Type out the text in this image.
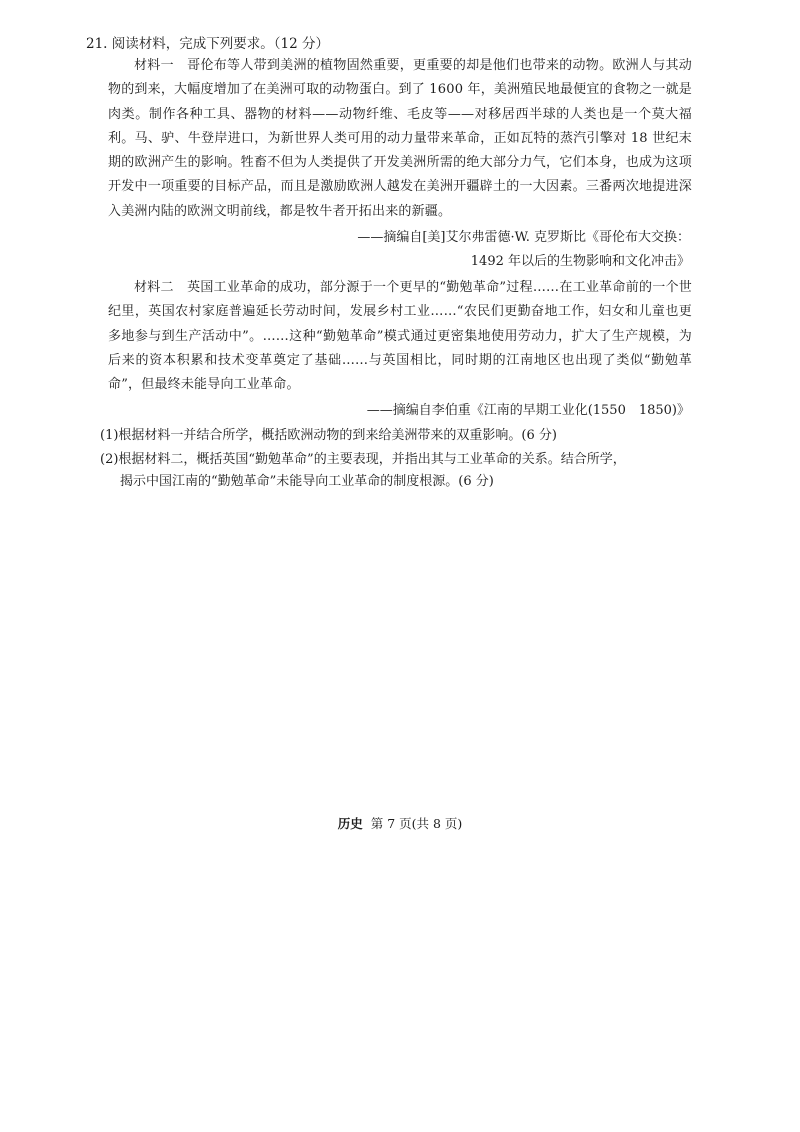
21. 阅读材料，完成下列要求。（12 分）
材料一　 哥伦布等人带到美洲的植物固然重要，更重要的却是他们也带来的动物。欧洲人与其动物的到来，大幅度增加了在美洲可取的动物蛋白。到了 1600 年，美洲殖民地最便宜的食物之一就是肉类。制作各种工具、器物的材料——动物纤维、毛皮等——对移居西半球的人类也是一个莫大福利。马、驴、牛登岸进口，为新世界人类可用的动力量带来革命，正如瓦特的蒸汽引擎对 18 世纪末期的欧洲产生的影响。牲畜不但为人类提供了开发美洲所需的绝大部分力气，它们本身，也成为这项开发中一项重要的目标产品，而且是激励欧洲人越发在美洲开疆辟土的一大因素。三番两次地提进深入美洲内陆的欧洲文明前线，都是牧牛者开拓出来的新疆。
——摘编自[美]艾尔弗雷德·W. 克罗斯比《哥伦布大交换：
1492 年以后的生物影响和文化冲击》
材料二　 英国工业革命的成功，部分源于一个更早的“勤勉革命”过程……在工业革命前的一个世纪里，英国农村家庭普遍延长劳动时间，发展乡村工业……“农民们更勤奋地工作，妇女和儿童也更多地参与到生产活动中”。……这种“勤勉革命”模式通过更密集地使用劳动力，扩大了生产规模，为后来的资本积累和技术变革奠定了基础……与英国相比，同时期的江南地区也出现了类似“勤勉革命”，但最终未能导向工业革命。
——摘编自李伯重《江南的早期工业化(1550　1850)》
(1)根据材料一并结合所学，概括欧洲动物的到来给美洲带来的双重影响。(6 分)
(2)根据材料二，概括英国“勤勉革命”的主要表现，并指出其与工业革命的关系。结合所学，
揭示中国江南的“勤勉革命”未能导向工业革命的制度根源。(6 分)
历史 第 7 页(共 8 页)
